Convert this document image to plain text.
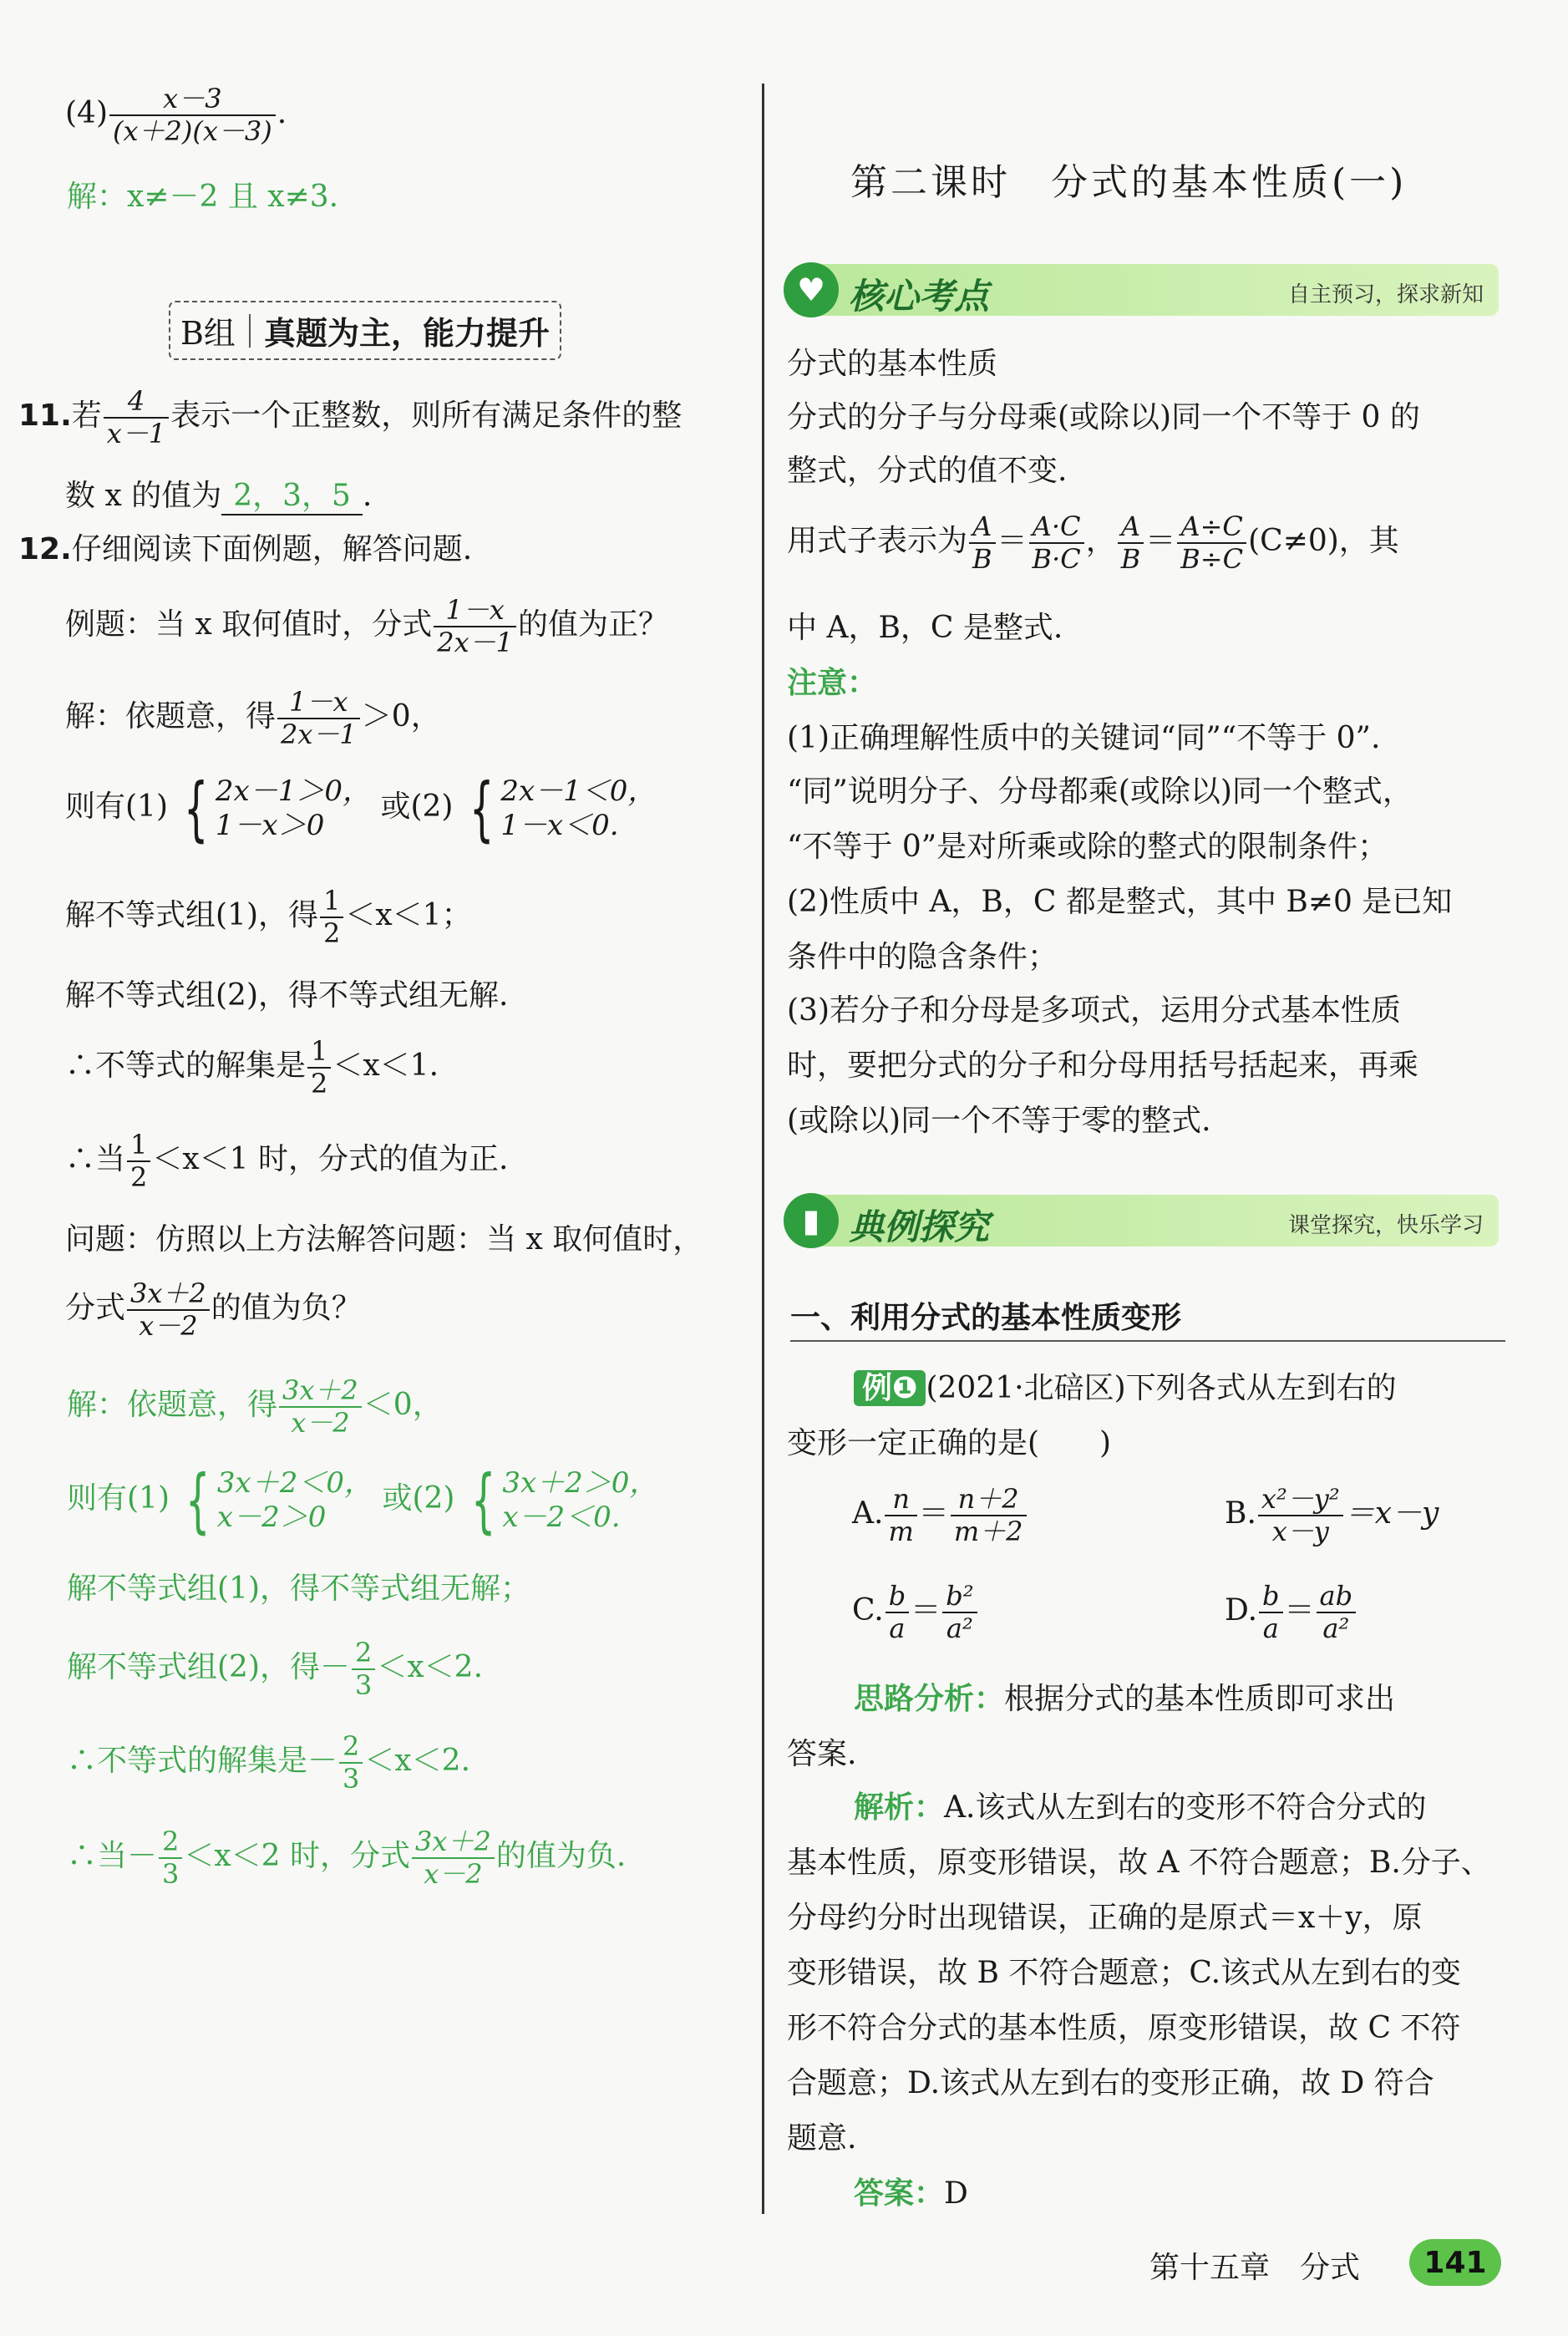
$(4) \frac{x-3}{(x+2)(x-3)}$ .
解：x≠－2 且 x≠3.
B组 真题为主，能力提升
11.若 $\frac{4}{x-1}$ 表示一个正整数，则所有满足条件的整
数 x 的值为 2，3，5 .
12.仔细阅读下面例题，解答问题.
例题：当 x 取何值时，分式 $\frac{1-x}{2x-1}$ 的值为正？
解：依题意，得 $\frac{1-x}{2x-1} >0$，
则有(1) { 2x－1＞0，
1－x＞0
或(2) { 2x－1＜0，
1－x＜0.
解不等式组(1)，得 $\frac{1}{2} <x<1$；
解不等式组(2)，得不等式组无解.
∴不等式的解集是 $\frac{1}{2} <x<1$.
∴当 $\frac{1}{2} <x<1$ 时，分式的值为正.
问题：仿照以上方法解答问题：当 x 取何值时，
分式 $\frac{3x+2}{x-2}$ 的值为负？
解：依题意，得 $\frac{3x+2}{x-2} <0$，
则有(1) { 3x＋2＜0，
x－2＞0
或(2) { 3x＋2＞0，
x－2＜0.
解不等式组(1)，得不等式组无解；
解不等式组(2)，得－ $\frac{2}{3} <x<2$.
∴不等式的解集是－ $\frac{2}{3} <x<2$.
∴当－ $\frac{2}{3} <x<2$ 时，分式 $\frac{3x+2}{x-2}$ 的值为负.
第二课时　分式的基本性质(一)
♥ 核心考点	自主预习，探求新知
分式的基本性质
分式的分子与分母乘(或除以)同一个不等于 0 的
整式，分式的值不变.
用式子表示为 $\frac{A}{B} = \frac{A\cdot C}{B\cdot C}$ ， $\frac{A}{B} = \frac{A\div C}{B\div C} (C\ne 0)$，其
中 A，B，C 是整式.
注意：
(1)正确理解性质中的关键词“同”“不等于 0”.
“同”说明分子、分母都乘(或除以)同一个整式，
“不等于 0”是对所乘或除的整式的限制条件；
(2)性质中 A，B，C 都是整式，其中 B≠0 是已知
条件中的隐含条件；
(3)若分子和分母是多项式，运用分式基本性质
时，要把分式的分子和分母用括号括起来，再乘
(或除以)同一个不等于零的整式.
▮ 典例探究	课堂探究，快乐学习
一、利用分式的基本性质变形
例❶ (2021·北碚区)下列各式从左到右的
变形一定正确的是(　　)
A. $\frac{n}{m} = \frac{n+2}{m+2}$	B. $\frac{\text{x²－y²}}{x-y} =x-y$
C. $\frac{b}{a} = \frac{\text{b²}}{\text{a²}}$	D. $\frac{b}{a} = \frac{ab}{\text{a²}}$
思路分析：根据分式的基本性质即可求出
答案.
解析：A.该式从左到右的变形不符合分式的
基本性质，原变形错误，故 A 不符合题意；B.分子、
分母约分时出现错误，正确的是原式＝x＋y，原
变形错误，故 B 不符合题意；C.该式从左到右的变
形不符合分式的基本性质，原变形错误，故 C 不符
合题意；D.该式从左到右的变形正确，故 D 符合
题意.
答案：D
第十五章　分式	141
